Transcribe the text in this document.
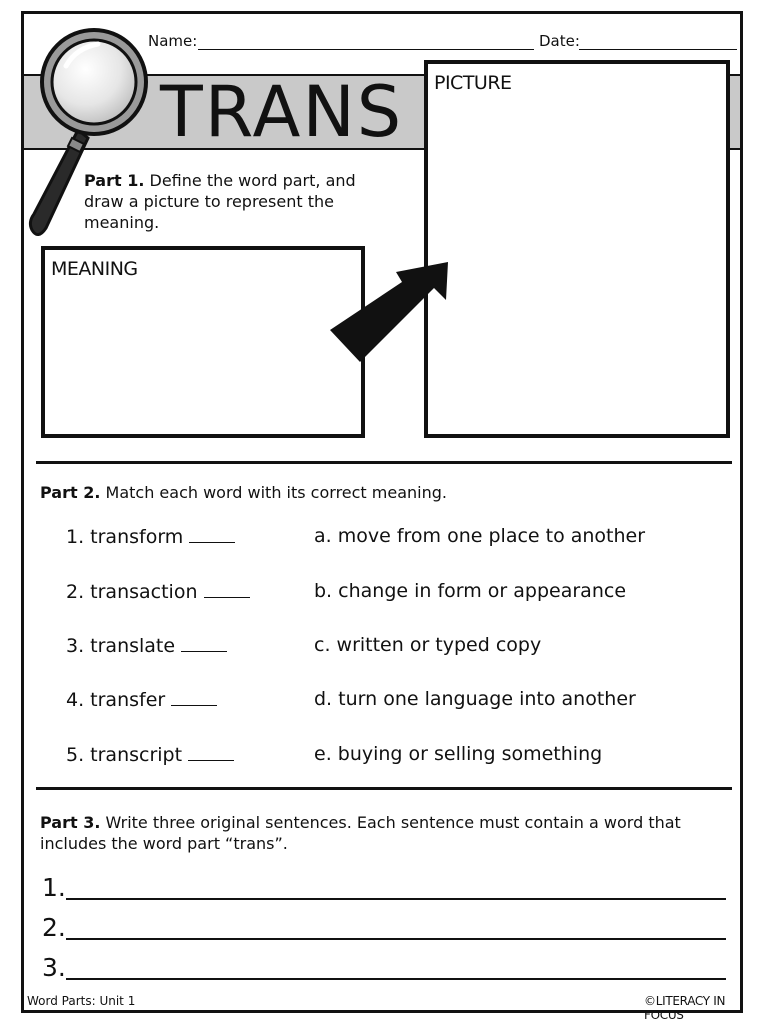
Name:	Date:
TRANS
Part 1. Define the word part, and
draw a picture to represent the
meaning.
MEANING
PICTURE
Part 2. Match each word with its correct meaning.
1. transform
2. transaction
3. translate
4. transfer
5. transcript
a. move from one place to another
b. change in form or appearance
c. written or typed copy
d. turn one language into another
e. buying or selling something
Part 3. Write three original sentences. Each sentence must contain a word that
includes the word part “trans”.
1.
2.
3.
Word Parts: Unit 1	©LITERACY IN FOCUS
